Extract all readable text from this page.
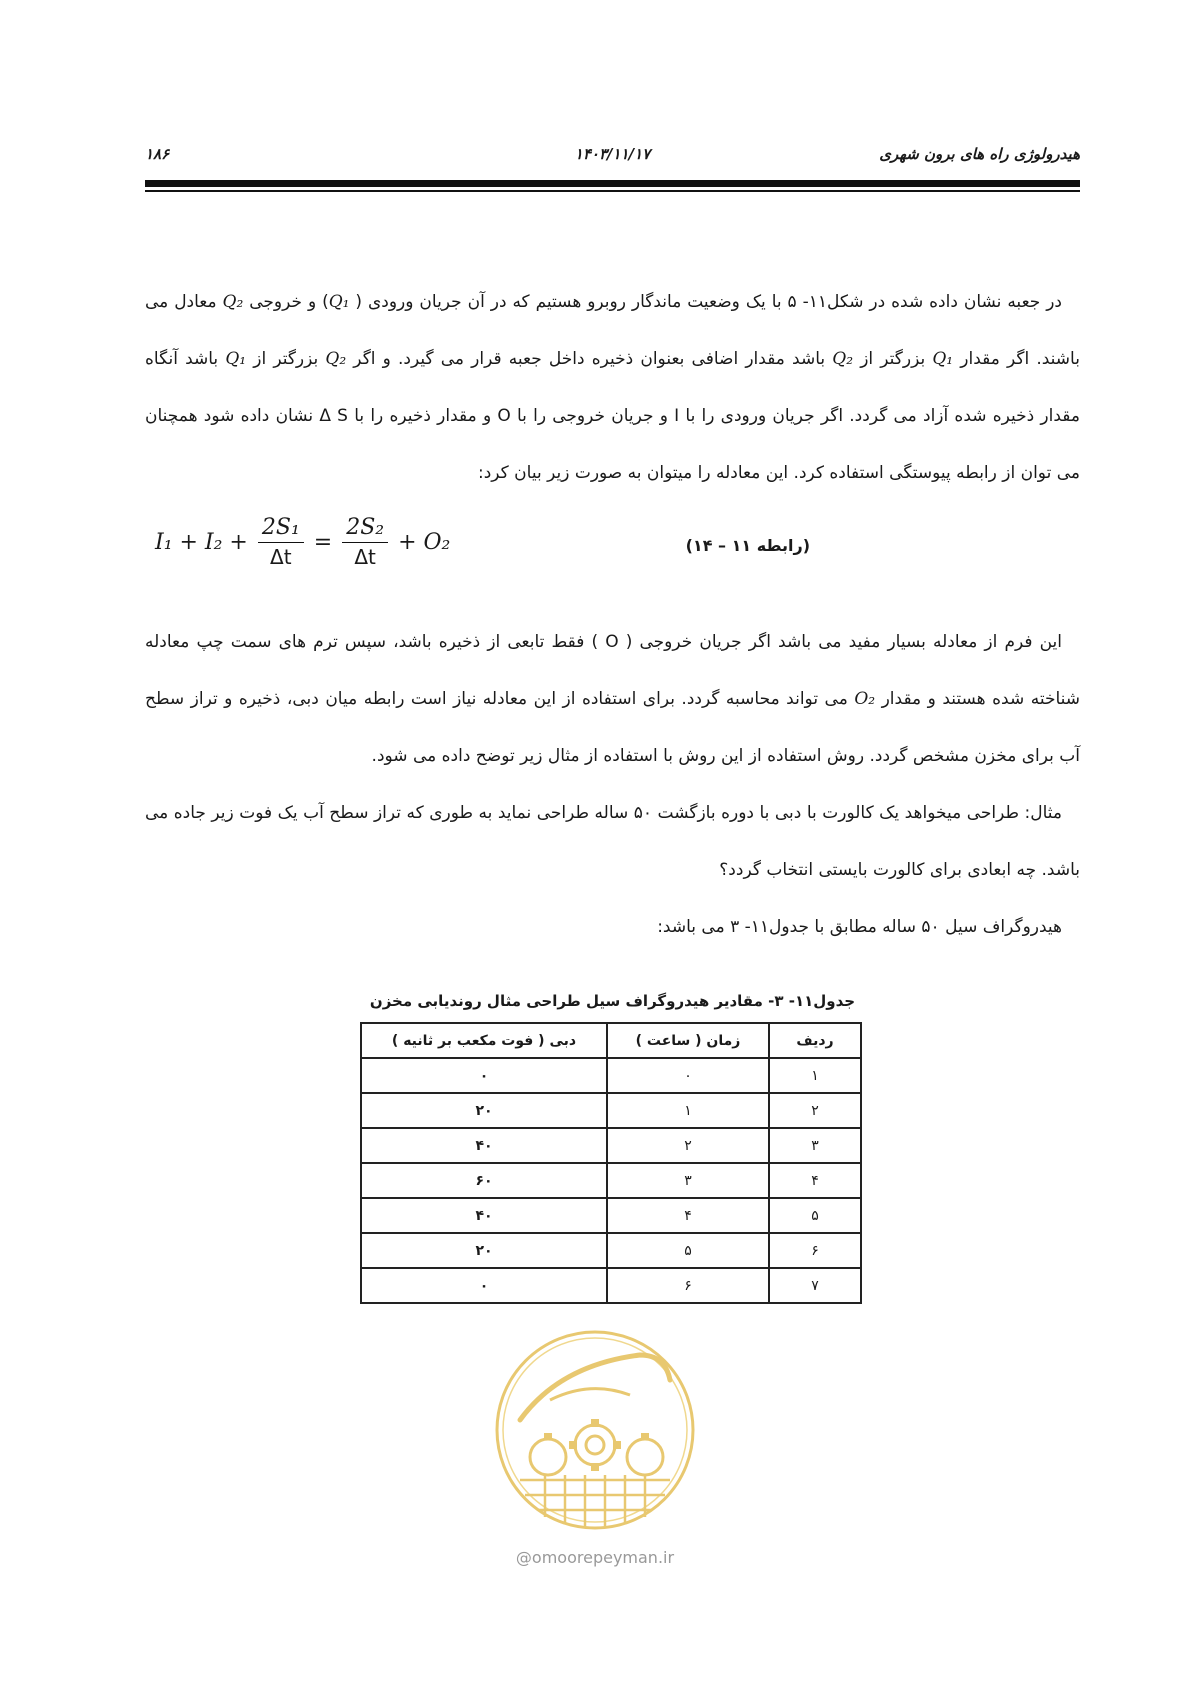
هیدرولوژی راه های برون شهری
۱۴۰۳/۱۱/۱۷
۱۸۶
در جعبه نشان داده شده در شکل۱۱- ۵ با یک وضعیت ماندگار روبرو هستیم که در آن جریان ورودی ( Q₁) و خروجی Q₂ معادل می باشند. اگر مقدار Q₁ بزرگتر از Q₂ باشد مقدار اضافی بعنوان ذخیره داخل جعبه قرار می گیرد. و اگر Q₂ بزرگتر از Q₁ باشد آنگاه مقدار ذخیره شده آزاد می گردد. اگر جریان ورودی را با I و جریان خروجی را با O و مقدار ذخیره را با Δ S نشان داده شود همچنان می توان از رابطه پیوستگی استفاده کرد. این معادله را میتوان به صورت زیر بیان کرد:
$I_1 + I_2 + \frac{\text{2S₁}}{\Delta t} = \frac{\text{2S₂}}{\Delta t} + O_2$	(رابطه ۱۱ – ۱۴)
این فرم از معادله بسیار مفید می باشد اگر جریان خروجی ( O ) فقط تابعی از ذخیره باشد، سپس ترم های سمت چپ معادله شناخته شده هستند و مقدار O₂ می تواند محاسبه گردد. برای استفاده از این معادله نیاز است رابطه میان دبی، ذخیره و تراز سطح آب برای مخزن مشخص گردد. روش استفاده از این روش با استفاده از مثال زیر توضح داده می شود.
مثال: طراحی میخواهد یک کالورت با دبی با دوره بازگشت ۵۰ ساله طراحی نماید به طوری که تراز سطح آب یک فوت زیر جاده می باشد. چه ابعادی برای کالورت بایستی انتخاب گردد؟
هیدروگراف سیل ۵۰ ساله مطابق با جدول۱۱- ۳ می باشد:
جدول۱۱- ۳- مقادیر هیدروگراف سیل طراحی مثال روندیابی مخزن
ردیف	زمان ( ساعت )	دبی ( فوت مکعب بر ثانیه )
۱	۰	۰
۲	۱	۲۰
۳	۲	۴۰
۴	۳	۶۰
۵	۴	۴۰
۶	۵	۲۰
۷	۶	۰
@omoorepeyman.ir
